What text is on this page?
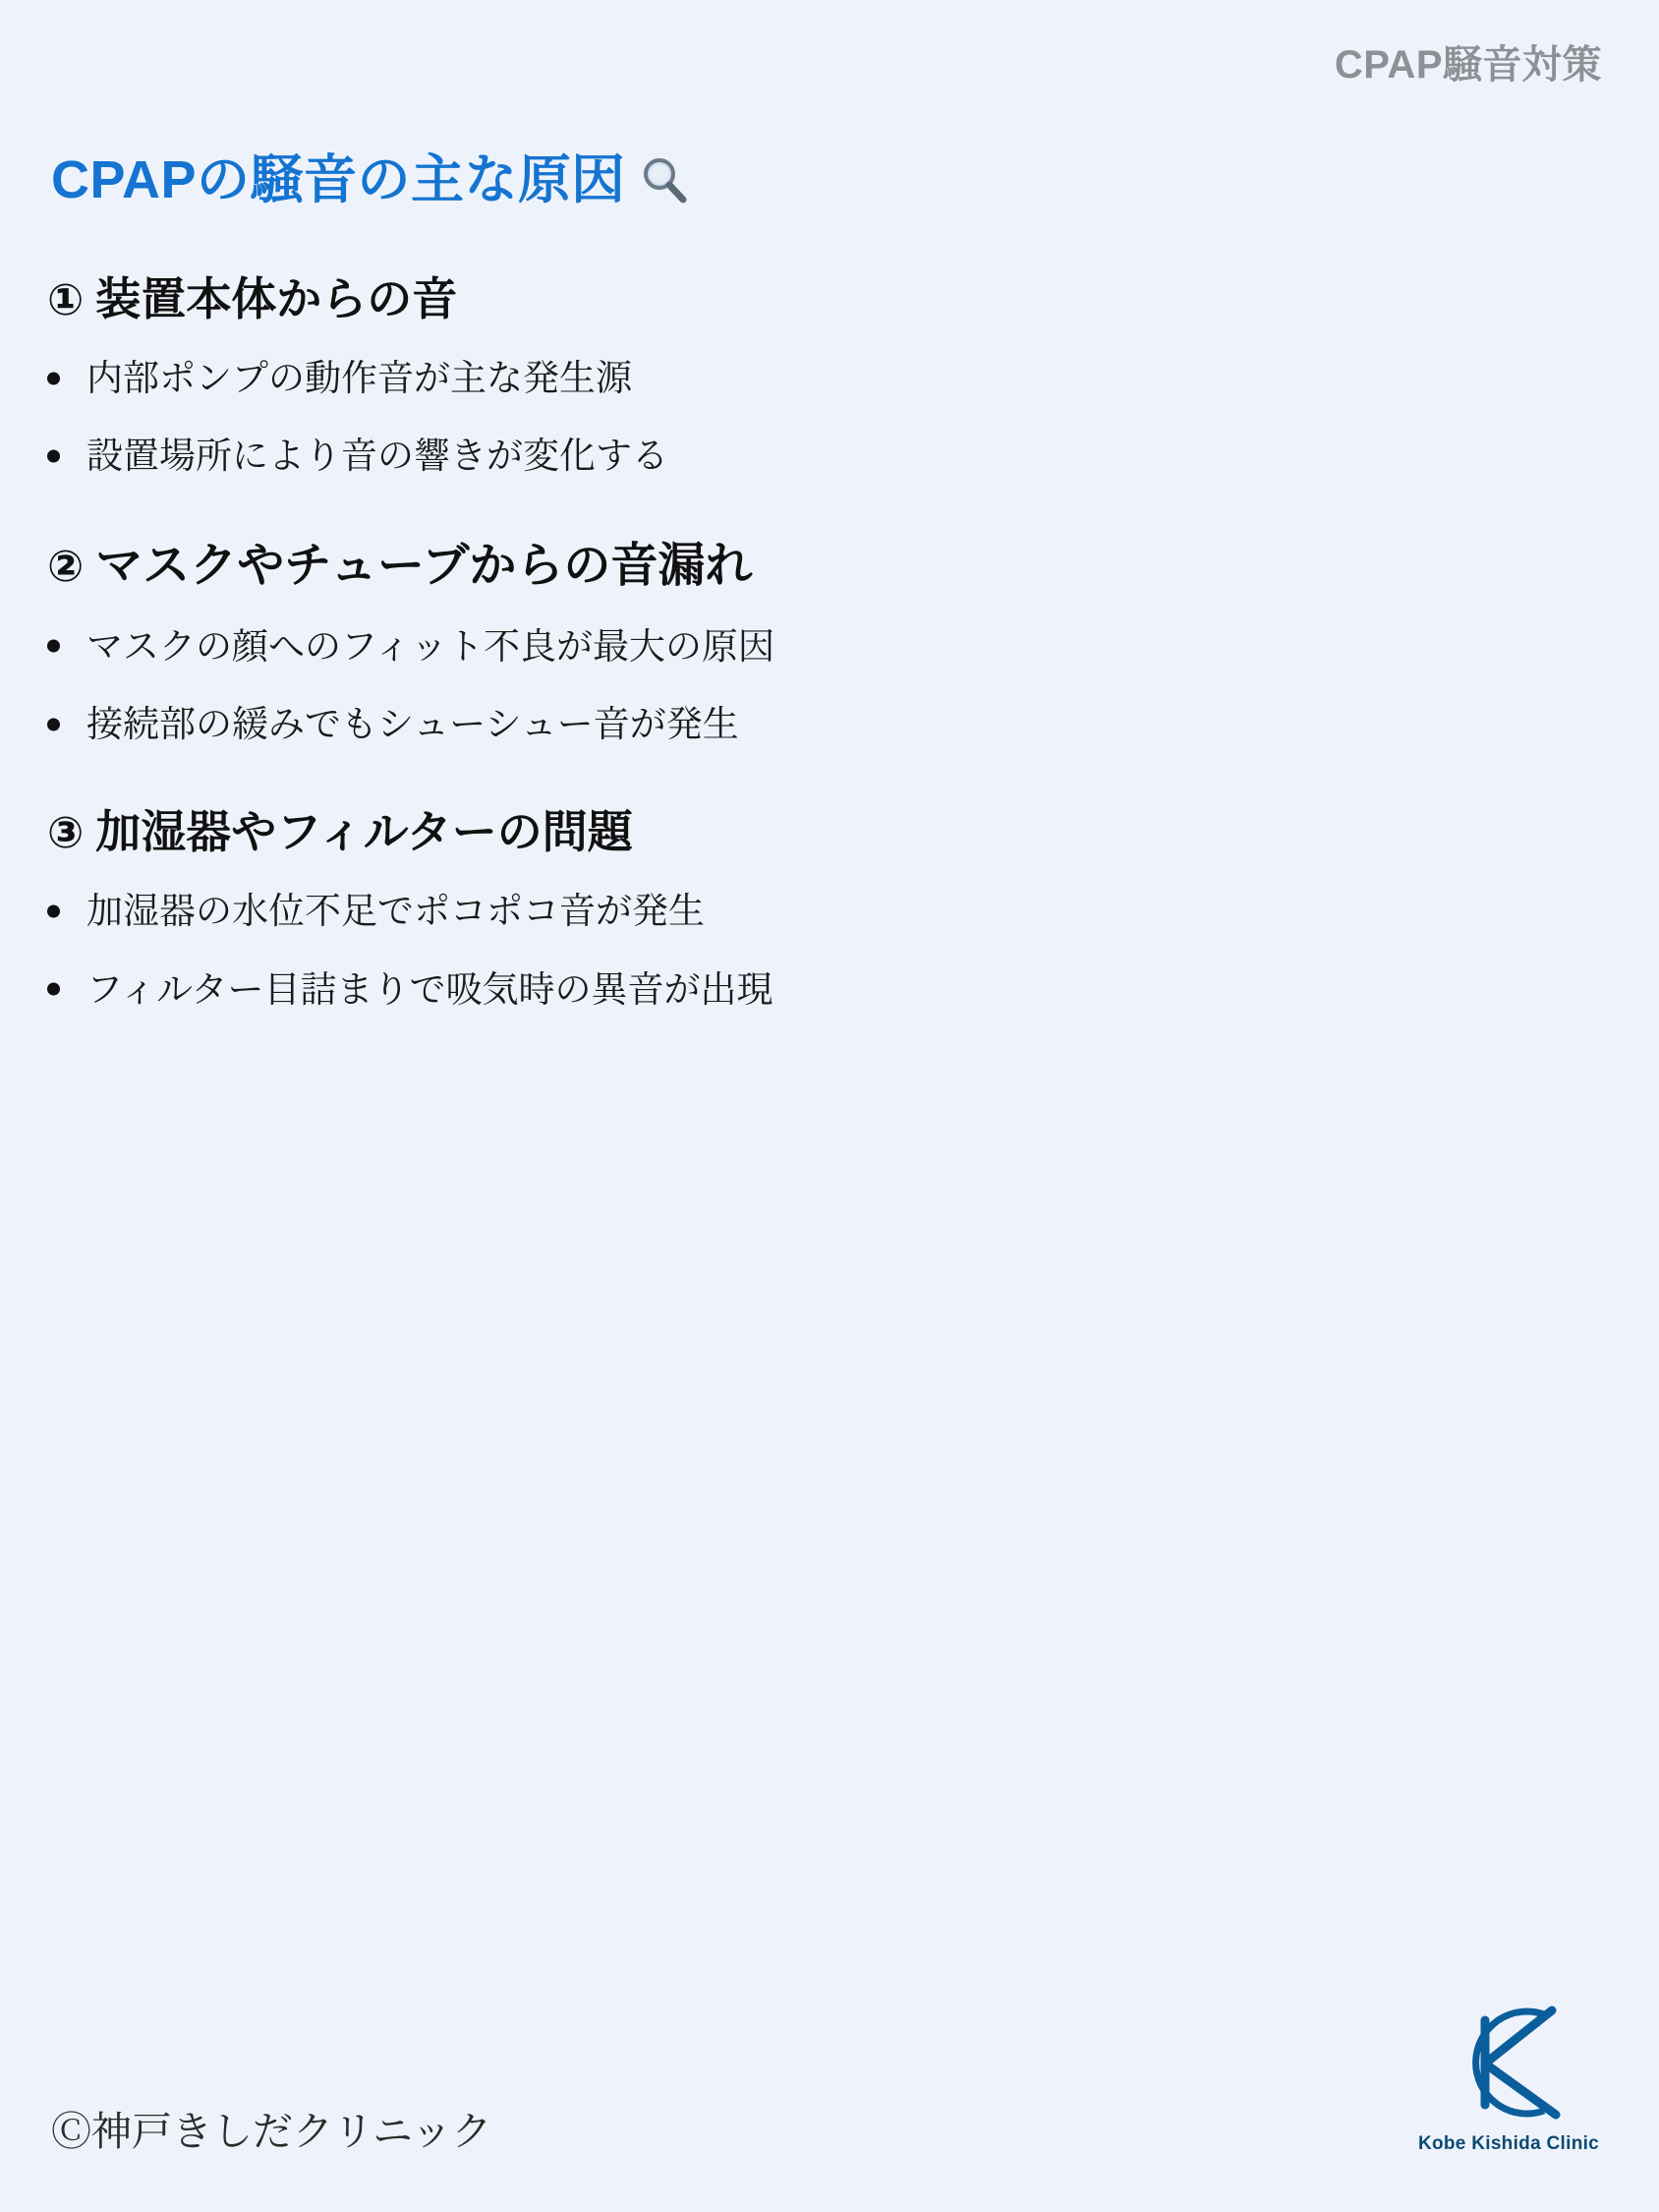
CPAP騒音対策
CPAPの騒音の主な原因
① 装置本体からの音
内部ポンプの動作音が主な発生源
設置場所により音の響きが変化する
② マスクやチューブからの音漏れ
マスクの顔へのフィット不良が最大の原因
接続部の緩みでもシューシュー音が発生
③ 加湿器やフィルターの問題
加湿器の水位不足でポコポコ音が発生
フィルター目詰まりで吸気時の異音が出現
Ⓒ神戸きしだクリニック	Kobe Kishida Clinic
